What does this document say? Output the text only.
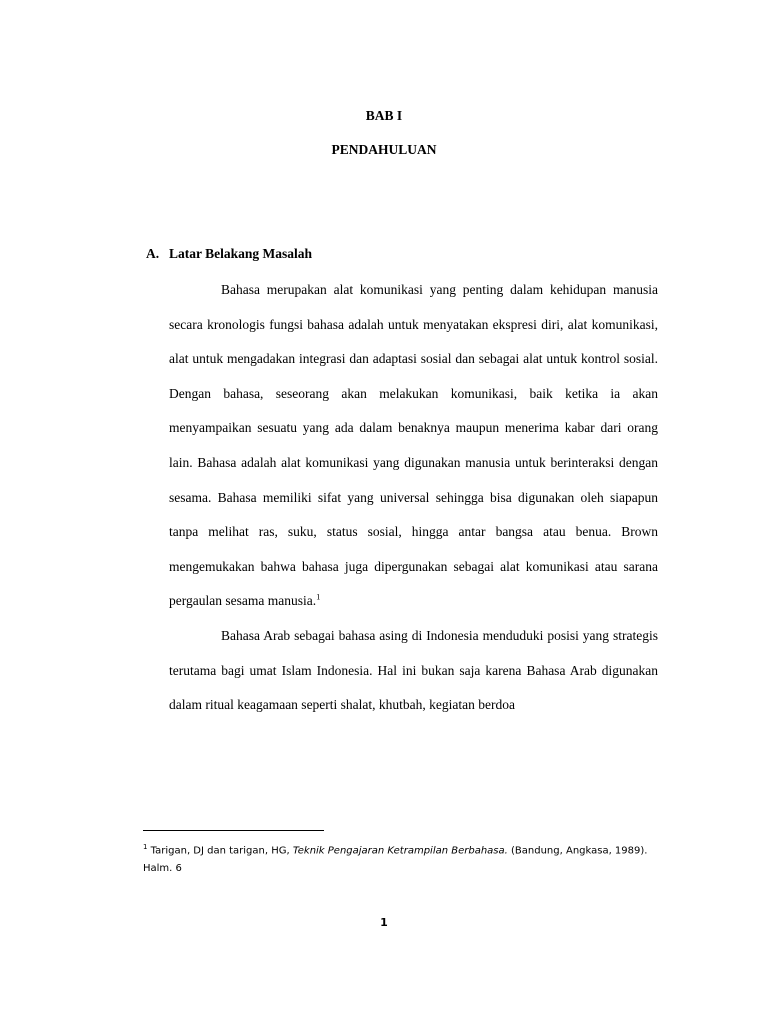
BAB I
PENDAHULUAN
A. Latar Belakang Masalah

Bahasa merupakan alat komunikasi yang penting dalam kehidupan manusia secara kronologis fungsi bahasa adalah untuk menyatakan ekspresi diri, alat komunikasi, alat untuk mengadakan integrasi dan adaptasi sosial dan sebagai alat untuk kontrol sosial. Dengan bahasa, seseorang akan melakukan komunikasi, baik ketika ia akan menyampaikan sesuatu yang ada dalam benaknya maupun menerima kabar dari orang lain. Bahasa adalah alat komunikasi yang digunakan manusia untuk berinteraksi dengan sesama. Bahasa memiliki sifat yang universal sehingga bisa digunakan oleh siapapun tanpa melihat ras, suku, status sosial, hingga antar bangsa atau benua. Brown mengemukakan bahwa bahasa juga dipergunakan sebagai alat komunikasi atau sarana pergaulan sesama manusia.$^1$

Bahasa Arab sebagai bahasa asing di Indonesia menduduki posisi yang strategis terutama bagi umat Islam Indonesia. Hal ini bukan saja karena Bahasa Arab digunakan dalam ritual keagamaan seperti shalat, khutbah, kegiatan berdoa

$^1$ Tarigan, DJ dan tarigan, HG, Teknik Pengajaran Ketrampilan Berbahasa. (Bandung, Angkasa, 1989).
Halm. 6
1
